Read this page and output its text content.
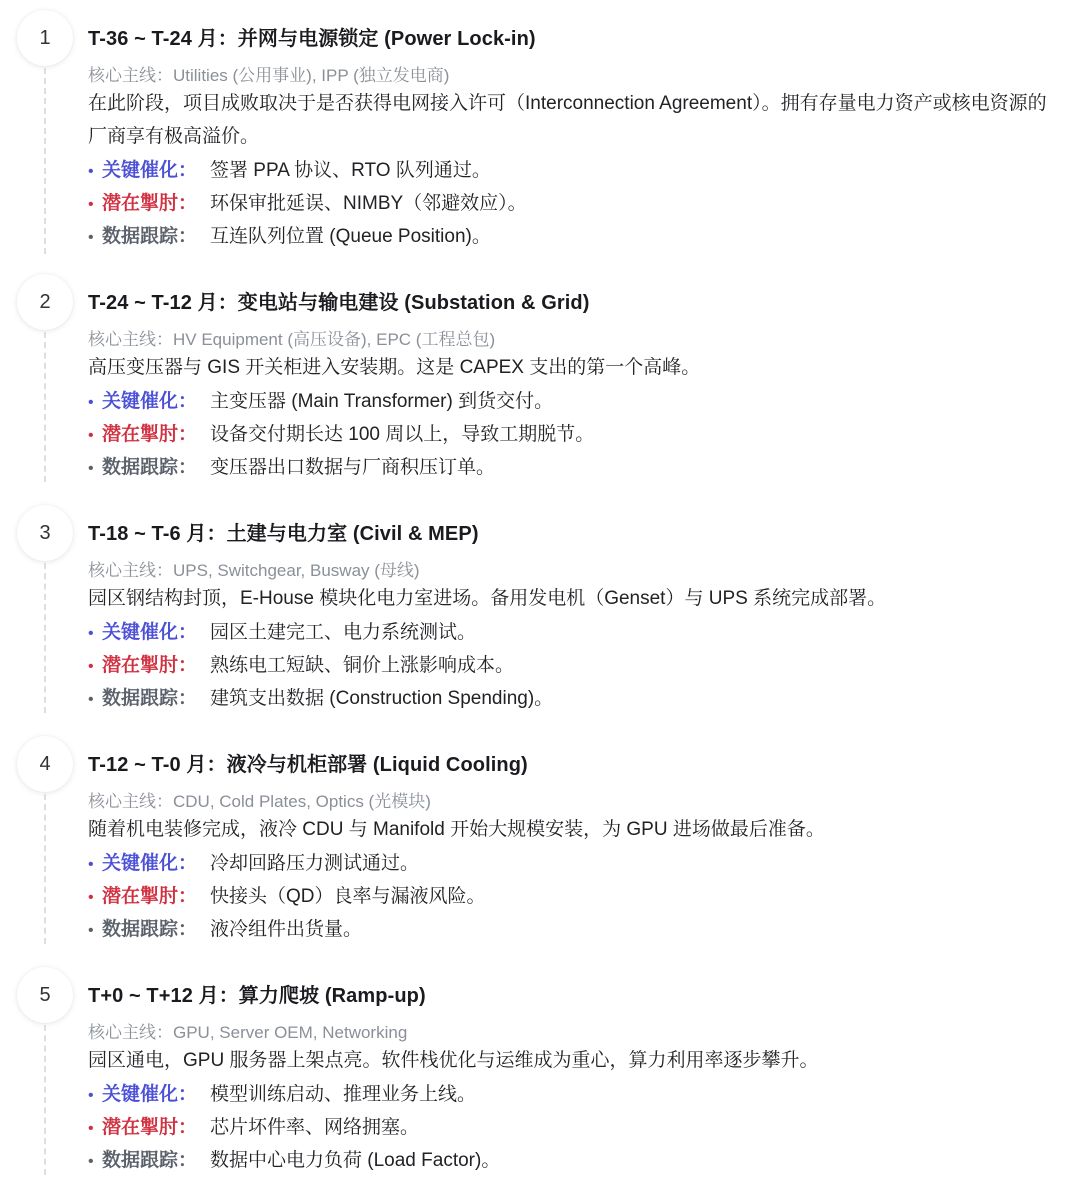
1	T-36 ~ T-24 月：并网与电源锁定 (Power Lock-in)
核心主线：Utilities (公用事业), IPP (独立发电商)
在此阶段，项目成败取决于是否获得电网接入许可（Interconnection Agreement）。拥有存量电力资产或核电资源的厂商享有极高溢价。
• 关键催化： 签署 PPA 协议、RTO 队列通过。
• 潜在掣肘： 环保审批延误、NIMBY（邻避效应）。
• 数据跟踪： 互连队列位置 (Queue Position)。
2	T-24 ~ T-12 月：变电站与输电建设 (Substation & Grid)
核心主线：HV Equipment (高压设备), EPC (工程总包)
高压变压器与 GIS 开关柜进入安装期。这是 CAPEX 支出的第一个高峰。
• 关键催化： 主变压器 (Main Transformer) 到货交付。
• 潜在掣肘： 设备交付期长达 100 周以上，导致工期脱节。
• 数据跟踪： 变压器出口数据与厂商积压订单。
3	T-18 ~ T-6 月：土建与电力室 (Civil & MEP)
核心主线：UPS, Switchgear, Busway (母线)
园区钢结构封顶，E-House 模块化电力室进场。备用发电机（Genset）与 UPS 系统完成部署。
• 关键催化： 园区土建完工、电力系统测试。
• 潜在掣肘： 熟练电工短缺、铜价上涨影响成本。
• 数据跟踪： 建筑支出数据 (Construction Spending)。
4	T-12 ~ T-0 月：液冷与机柜部署 (Liquid Cooling)
核心主线：CDU, Cold Plates, Optics (光模块)
随着机电装修完成，液冷 CDU 与 Manifold 开始大规模安装，为 GPU 进场做最后准备。
• 关键催化： 冷却回路压力测试通过。
• 潜在掣肘： 快接头（QD）良率与漏液风险。
• 数据跟踪： 液冷组件出货量。
5	T+0 ~ T+12 月：算力爬坡 (Ramp-up)
核心主线：GPU, Server OEM, Networking
园区通电，GPU 服务器上架点亮。软件栈优化与运维成为重心，算力利用率逐步攀升。
• 关键催化： 模型训练启动、推理业务上线。
• 潜在掣肘： 芯片坏件率、网络拥塞。
• 数据跟踪： 数据中心电力负荷 (Load Factor)。
